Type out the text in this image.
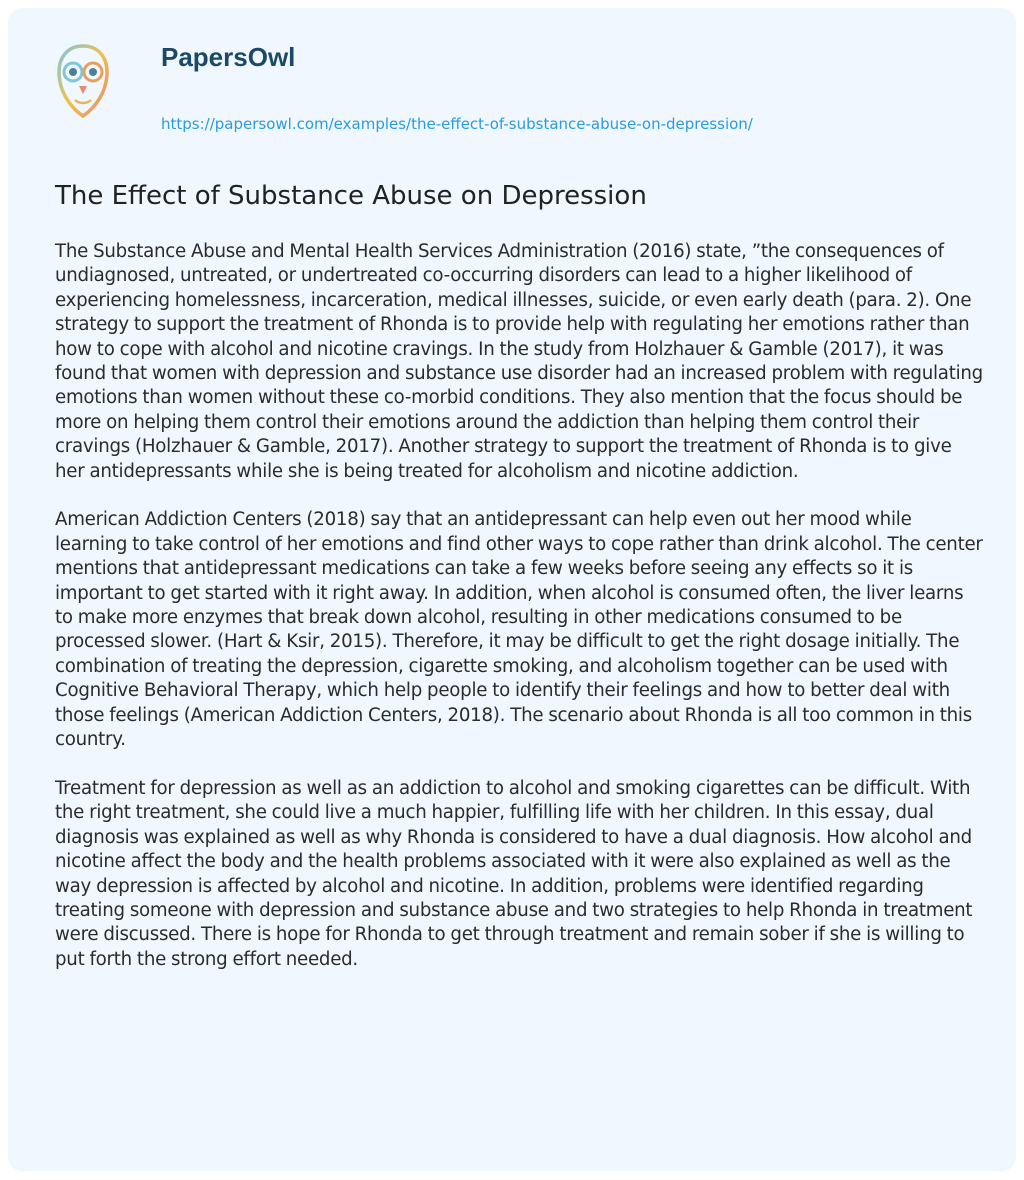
PapersOwl
https://papersowl.com/examples/the-effect-of-substance-abuse-on-depression/
The Effect of Substance Abuse on Depression

The Substance Abuse and Mental Health Services Administration (2016) state, ”the consequences of undiagnosed, untreated, or undertreated co-occurring disorders can lead to a higher likelihood of experiencing homelessness, incarceration, medical illnesses, suicide, or even early death (para. 2). One strategy to support the treatment of Rhonda is to provide help with regulating her emotions rather than how to cope with alcohol and nicotine cravings. In the study from Holzhauer & Gamble (2017), it was found that women with depression and substance use disorder had an increased problem with regulating emotions than women without these co-morbid conditions. They also mention that the focus should be more on helping them control their emotions around the addiction than helping them control their cravings (Holzhauer & Gamble, 2017). Another strategy to support the treatment of Rhonda is to give her antidepressants while she is being treated for alcoholism and nicotine addiction.

American Addiction Centers (2018) say that an antidepressant can help even out her mood while learning to take control of her emotions and find other ways to cope rather than drink alcohol. The center mentions that antidepressant medications can take a few weeks before seeing any effects so it is important to get started with it right away. In addition, when alcohol is consumed often, the liver learns to make more enzymes that break down alcohol, resulting in other medications consumed to be processed slower. (Hart & Ksir, 2015). Therefore, it may be difficult to get the right dosage initially. The combination of treating the depression, cigarette smoking, and alcoholism together can be used with Cognitive Behavioral Therapy, which help people to identify their feelings and how to better deal with those feelings (American Addiction Centers, 2018). The scenario about Rhonda is all too common in this country.

Treatment for depression as well as an addiction to alcohol and smoking cigarettes can be difficult. With the right treatment, she could live a much happier, fulfilling life with her children. In this essay, dual diagnosis was explained as well as why Rhonda is considered to have a dual diagnosis. How alcohol and nicotine affect the body and the health problems associated with it were also explained as well as the way depression is affected by alcohol and nicotine. In addition, problems were identified regarding treating someone with depression and substance abuse and two strategies to help Rhonda in treatment were discussed. There is hope for Rhonda to get through treatment and remain sober if she is willing to put forth the strong effort needed.
